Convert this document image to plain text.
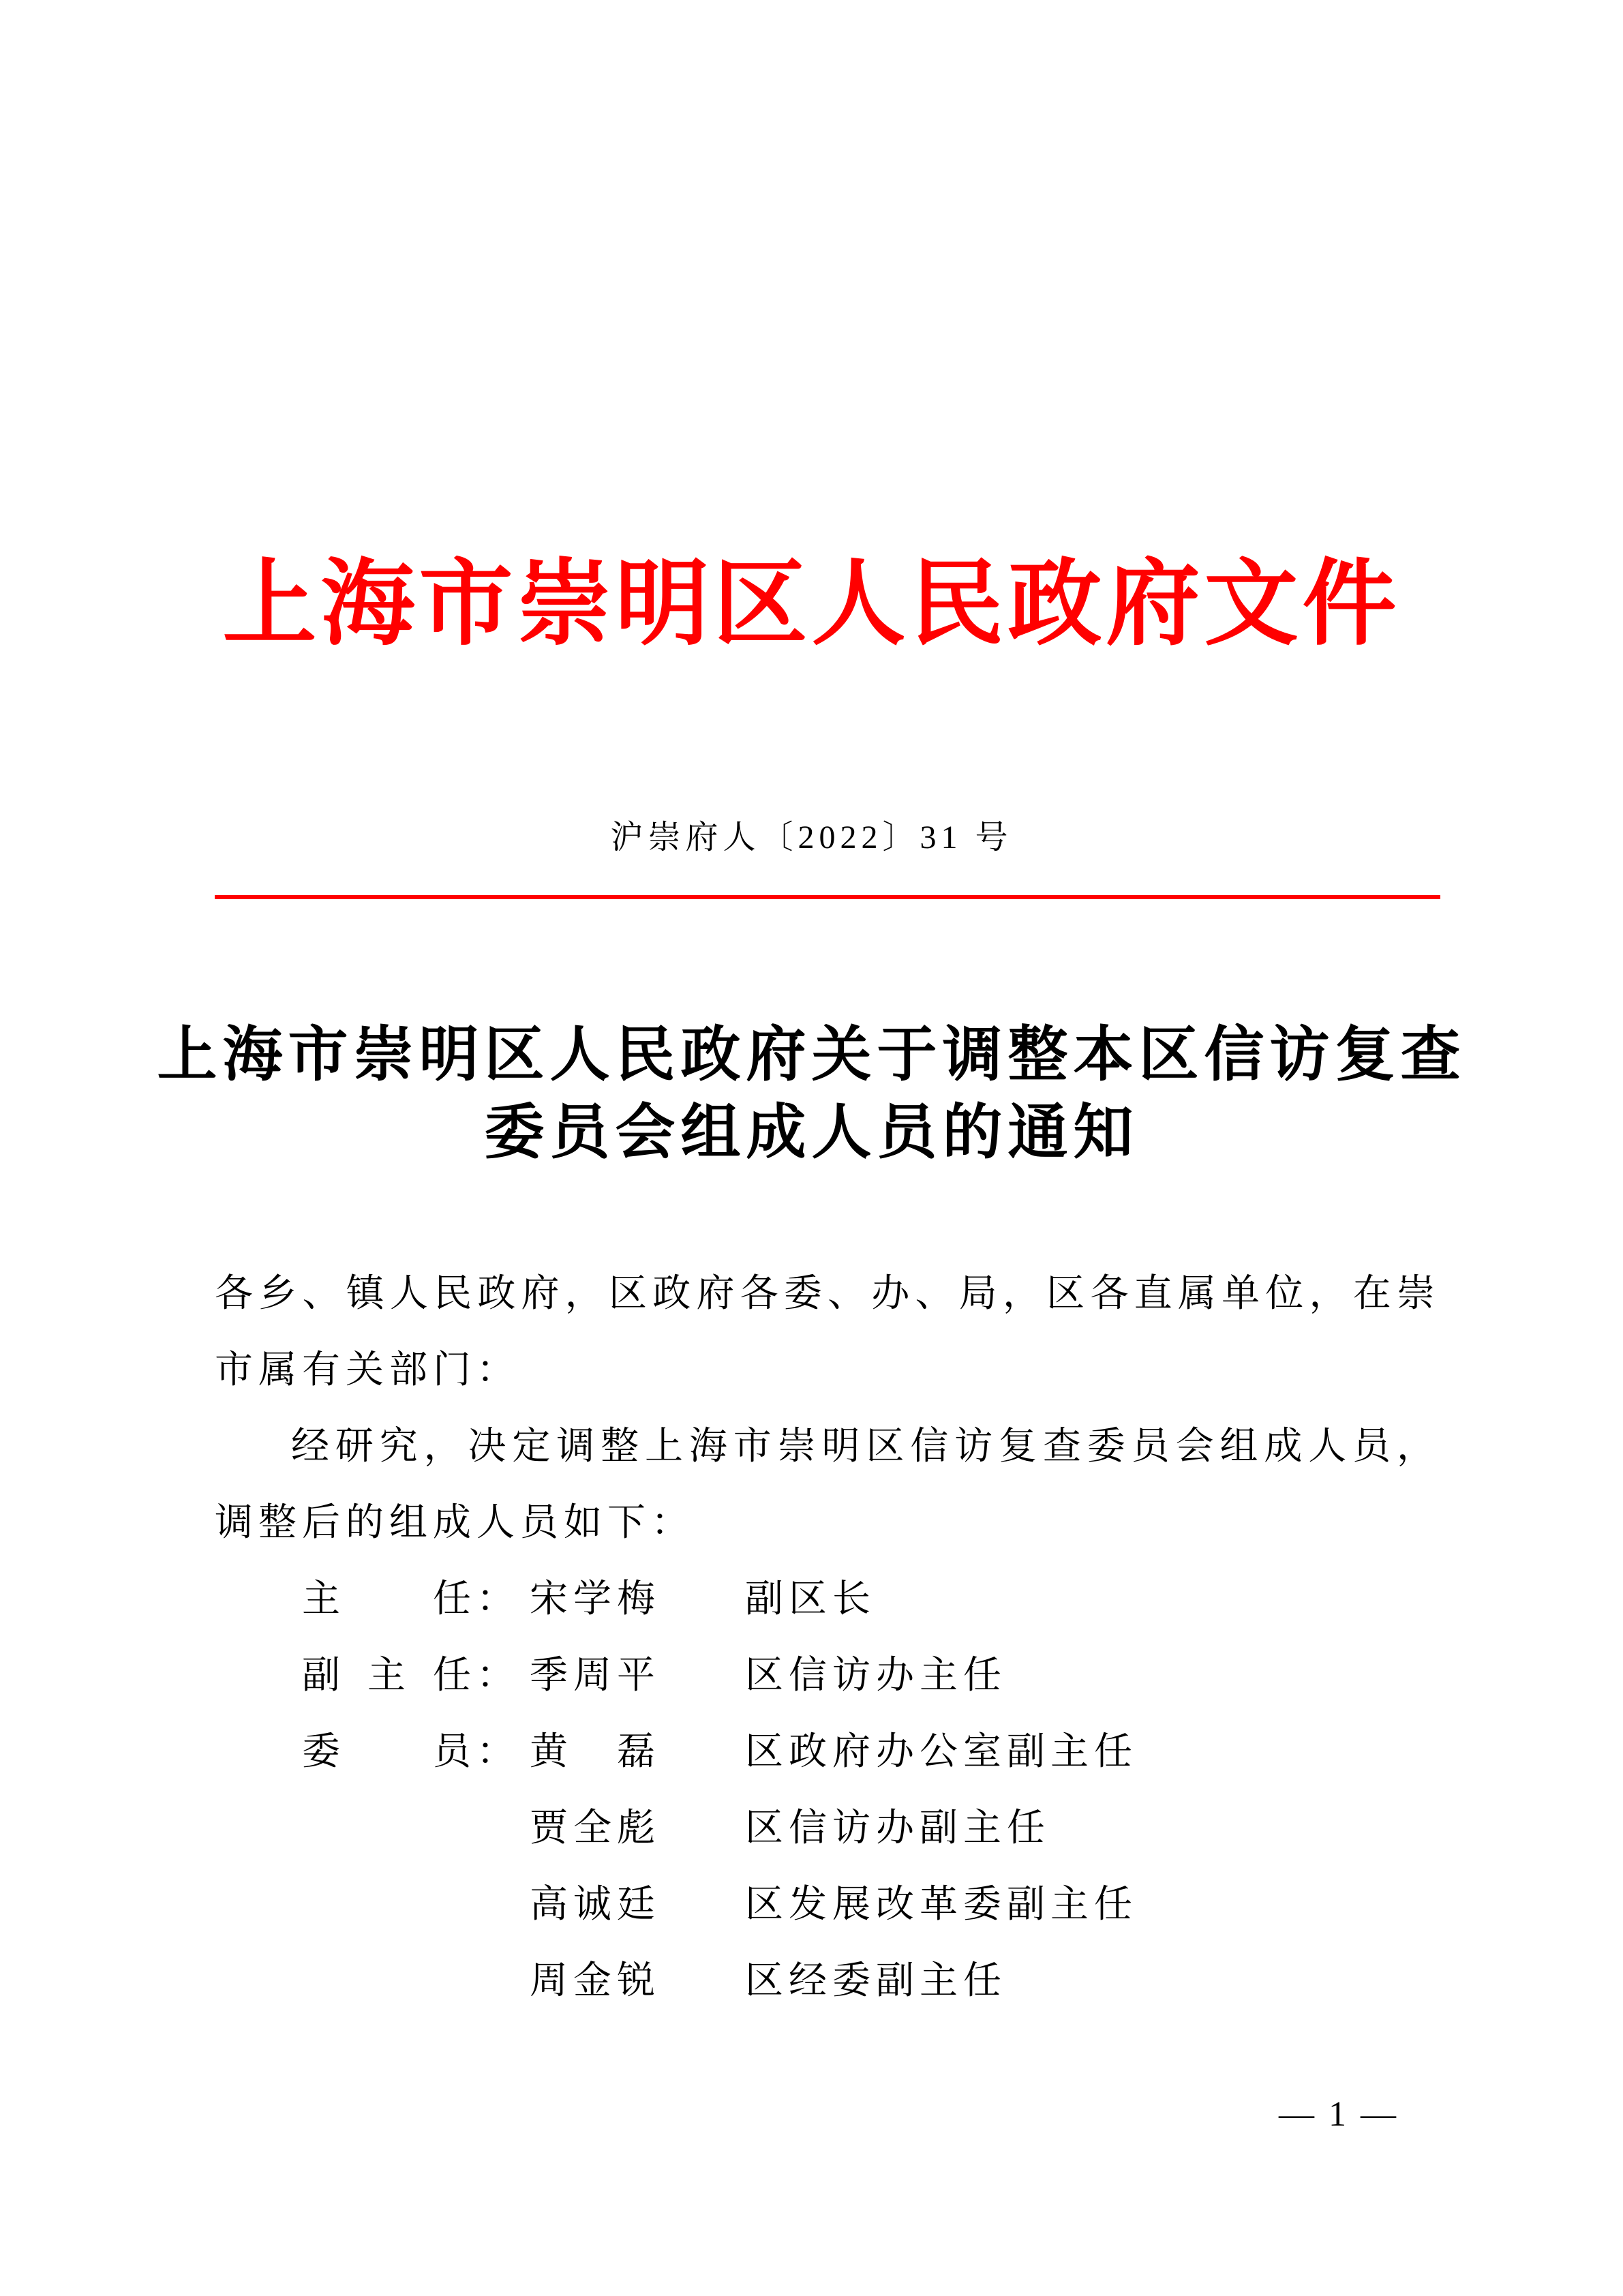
上海市崇明区人民政府文件
沪崇府人〔2022〕31 号
上海市崇明区人民政府关于调整本区信访复查
委员会组成人员的通知
各乡、镇人民政府，区政府各委、办、局，区各直属单位，在崇
市属有关部门：
经研究，决定调整上海市崇明区信访复查委员会组成人员，
调整后的组成人员如下：
主任： 宋学梅	副区长
副主任： 季周平	区信访办主任
委员： 黄　磊	区政府办公室副主任
贾全彪	区信访办副主任
高诚廷	区发展改革委副主任
周金锐	区经委副主任
— 1 —
